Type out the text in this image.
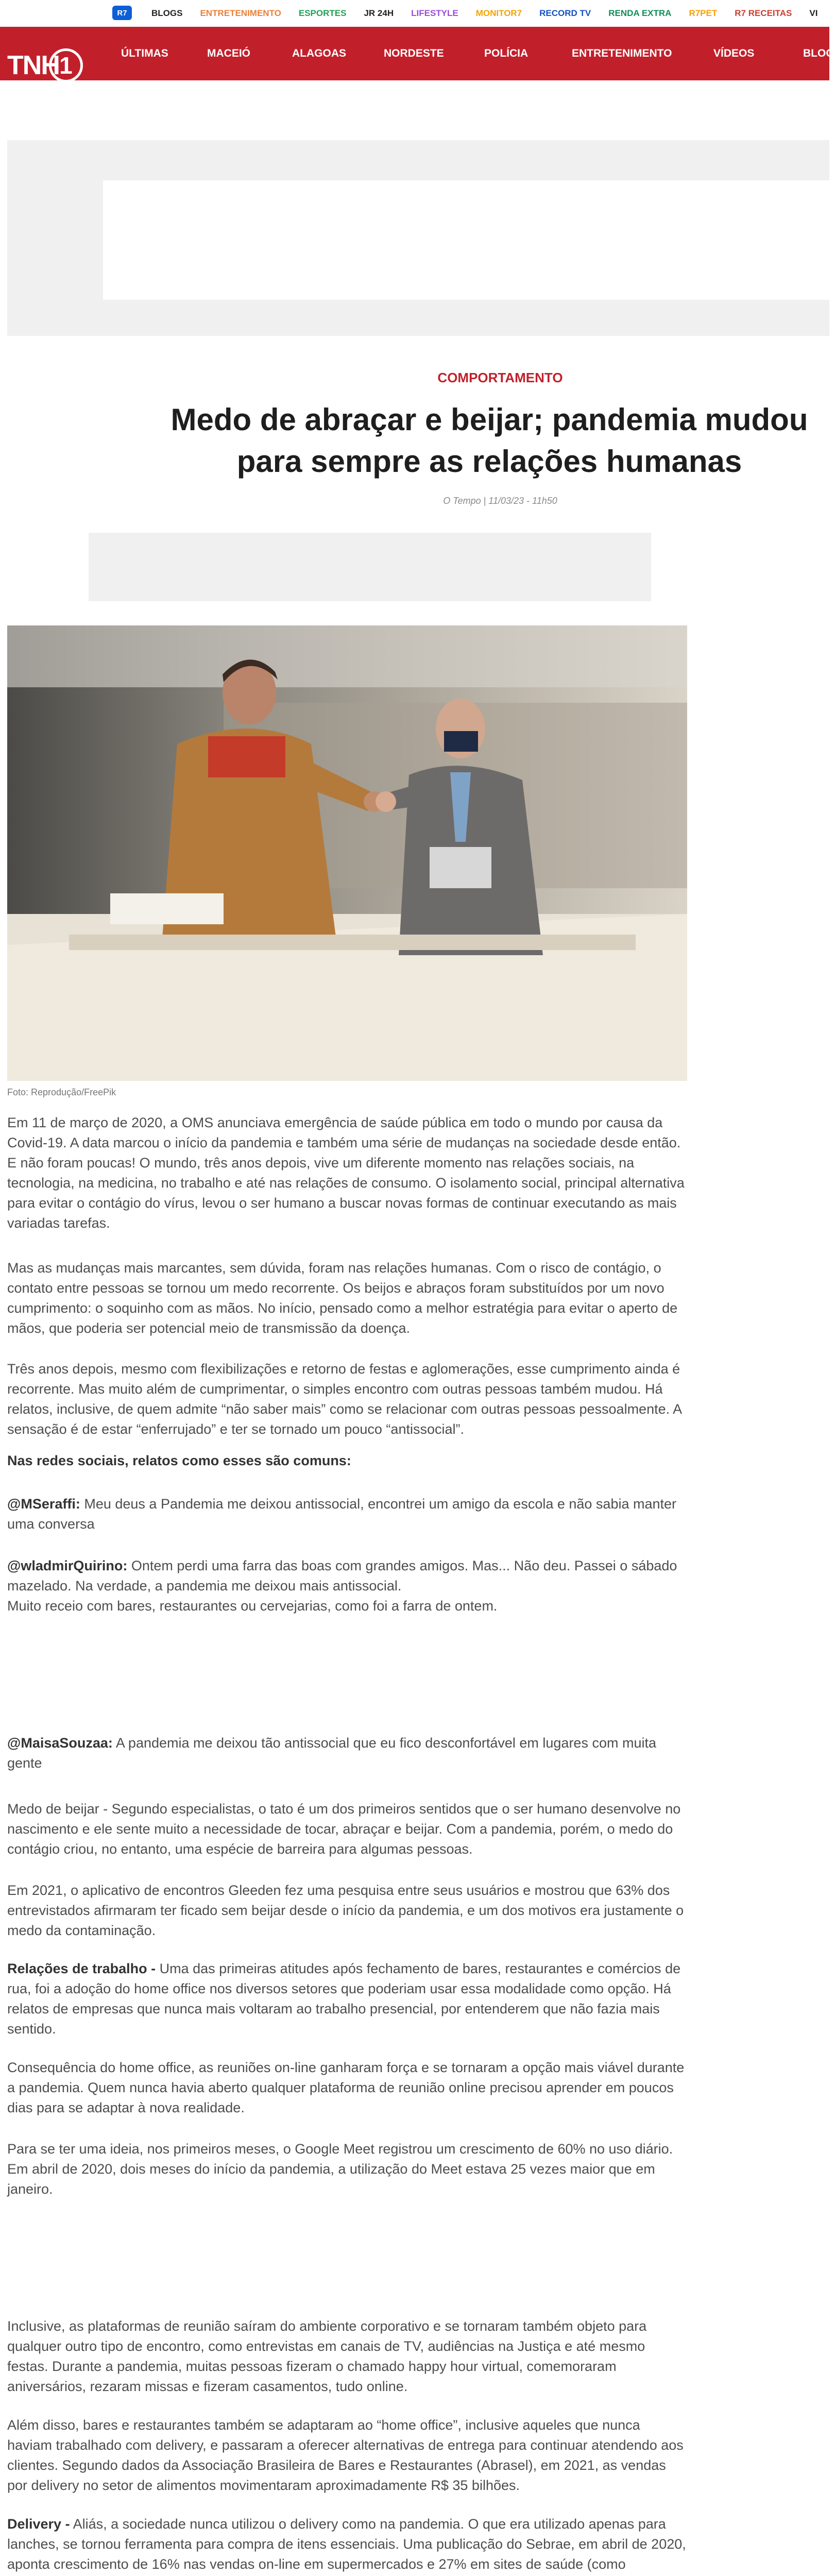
R7	BLOGS ENTRETENIMENTO ESPORTES JR 24H LIFESTYLE MONITOR7 RECORD TV RENDA EXTRA R7PET R7 RECEITAS VI
TNH 1	ÚLTIMAS	MACEIÓ	ALAGOAS	NORDESTE	POLÍCIA	ENTRETENIMENTO	VÍDEOS	BLOG
COMPORTAMENTO
Medo de abraçar e beijar; pandemia mudou para sempre as relações humanas
O Tempo | 11/03/23 - 11h50
Foto: Reprodução/FreePik

Em 11 de março de 2020, a OMS anunciava emergência de saúde pública em todo o mundo por causa da Covid-19. A data marcou o início da pandemia e também uma série de mudanças na sociedade desde então. E não foram poucas! O mundo, três anos depois, vive um diferente momento nas relações sociais, na tecnologia, na medicina, no trabalho e até nas relações de consumo. O isolamento social, principal alternativa para evitar o contágio do vírus, levou o ser humano a buscar novas formas de continuar executando as mais variadas tarefas.

Mas as mudanças mais marcantes, sem dúvida, foram nas relações humanas. Com o risco de contágio, o contato entre pessoas se tornou um medo recorrente. Os beijos e abraços foram substituídos por um novo cumprimento: o soquinho com as mãos. No início, pensado como a melhor estratégia para evitar o aperto de mãos, que poderia ser potencial meio de transmissão da doença.

Três anos depois, mesmo com flexibilizações e retorno de festas e aglomerações, esse cumprimento ainda é recorrente. Mas muito além de cumprimentar, o simples encontro com outras pessoas também mudou. Há relatos, inclusive, de quem admite “não saber mais” como se relacionar com outras pessoas pessoalmente. A sensação é de estar “enferrujado” e ter se tornado um pouco “antissocial”.

Nas redes sociais, relatos como esses são comuns:

@MSeraffi: Meu deus a Pandemia me deixou antissocial, encontrei um amigo da escola e não sabia manter uma conversa

@wladmirQuirino: Ontem perdi uma farra das boas com grandes amigos. Mas... Não deu. Passei o sábado mazelado. Na verdade, a pandemia me deixou mais antissocial.

Muito receio com bares, restaurantes ou cervejarias, como foi a farra de ontem.

@MaisaSouzaa: A pandemia me deixou tão antissocial que eu fico desconfortável em lugares com muita gente

Medo de beijar - Segundo especialistas, o tato é um dos primeiros sentidos que o ser humano desenvolve no nascimento e ele sente muito a necessidade de tocar, abraçar e beijar. Com a pandemia, porém, o medo do contágio criou, no entanto, uma espécie de barreira para algumas pessoas.

Em 2021, o aplicativo de encontros Gleeden fez uma pesquisa entre seus usuários e mostrou que 63% dos entrevistados afirmaram ter ficado sem beijar desde o início da pandemia, e um dos motivos era justamente o medo da contaminação.

Relações de trabalho - Uma das primeiras atitudes após fechamento de bares, restaurantes e comércios de rua, foi a adoção do home office nos diversos setores que poderiam usar essa modalidade como opção. Há relatos de empresas que nunca mais voltaram ao trabalho presencial, por entenderem que não fazia mais sentido.

Consequência do home office, as reuniões on-line ganharam força e se tornaram a opção mais viável durante a pandemia. Quem nunca havia aberto qualquer plataforma de reunião online precisou aprender em poucos dias para se adaptar à nova realidade.

Para se ter uma ideia, nos primeiros meses, o Google Meet registrou um crescimento de 60% no uso diário. Em abril de 2020, dois meses do início da pandemia, a utilização do Meet estava 25 vezes maior que em janeiro.

Inclusive, as plataformas de reunião saíram do ambiente corporativo e se tornaram também objeto para qualquer outro tipo de encontro, como entrevistas em canais de TV, audiências na Justiça e até mesmo festas. Durante a pandemia, muitas pessoas fizeram o chamado happy hour virtual, comemoraram aniversários, rezaram missas e fizeram casamentos, tudo online.

Além disso, bares e restaurantes também se adaptaram ao “home office”, inclusive aqueles que nunca haviam trabalhado com delivery, e passaram a oferecer alternativas de entrega para continuar atendendo aos clientes. Segundo dados da Associação Brasileira de Bares e Restaurantes (Abrasel), em 2021, as vendas por delivery no setor de alimentos movimentaram aproximadamente R$ 35 bilhões.

Delivery - Aliás, a sociedade nunca utilizou o delivery como na pandemia. O que era utilizado apenas para lanches, se tornou ferramenta para compra de itens essenciais. Uma publicação do Sebrae, em abril de 2020, aponta crescimento de 16% nas vendas on-line em supermercados e 27% em sites de saúde (como
